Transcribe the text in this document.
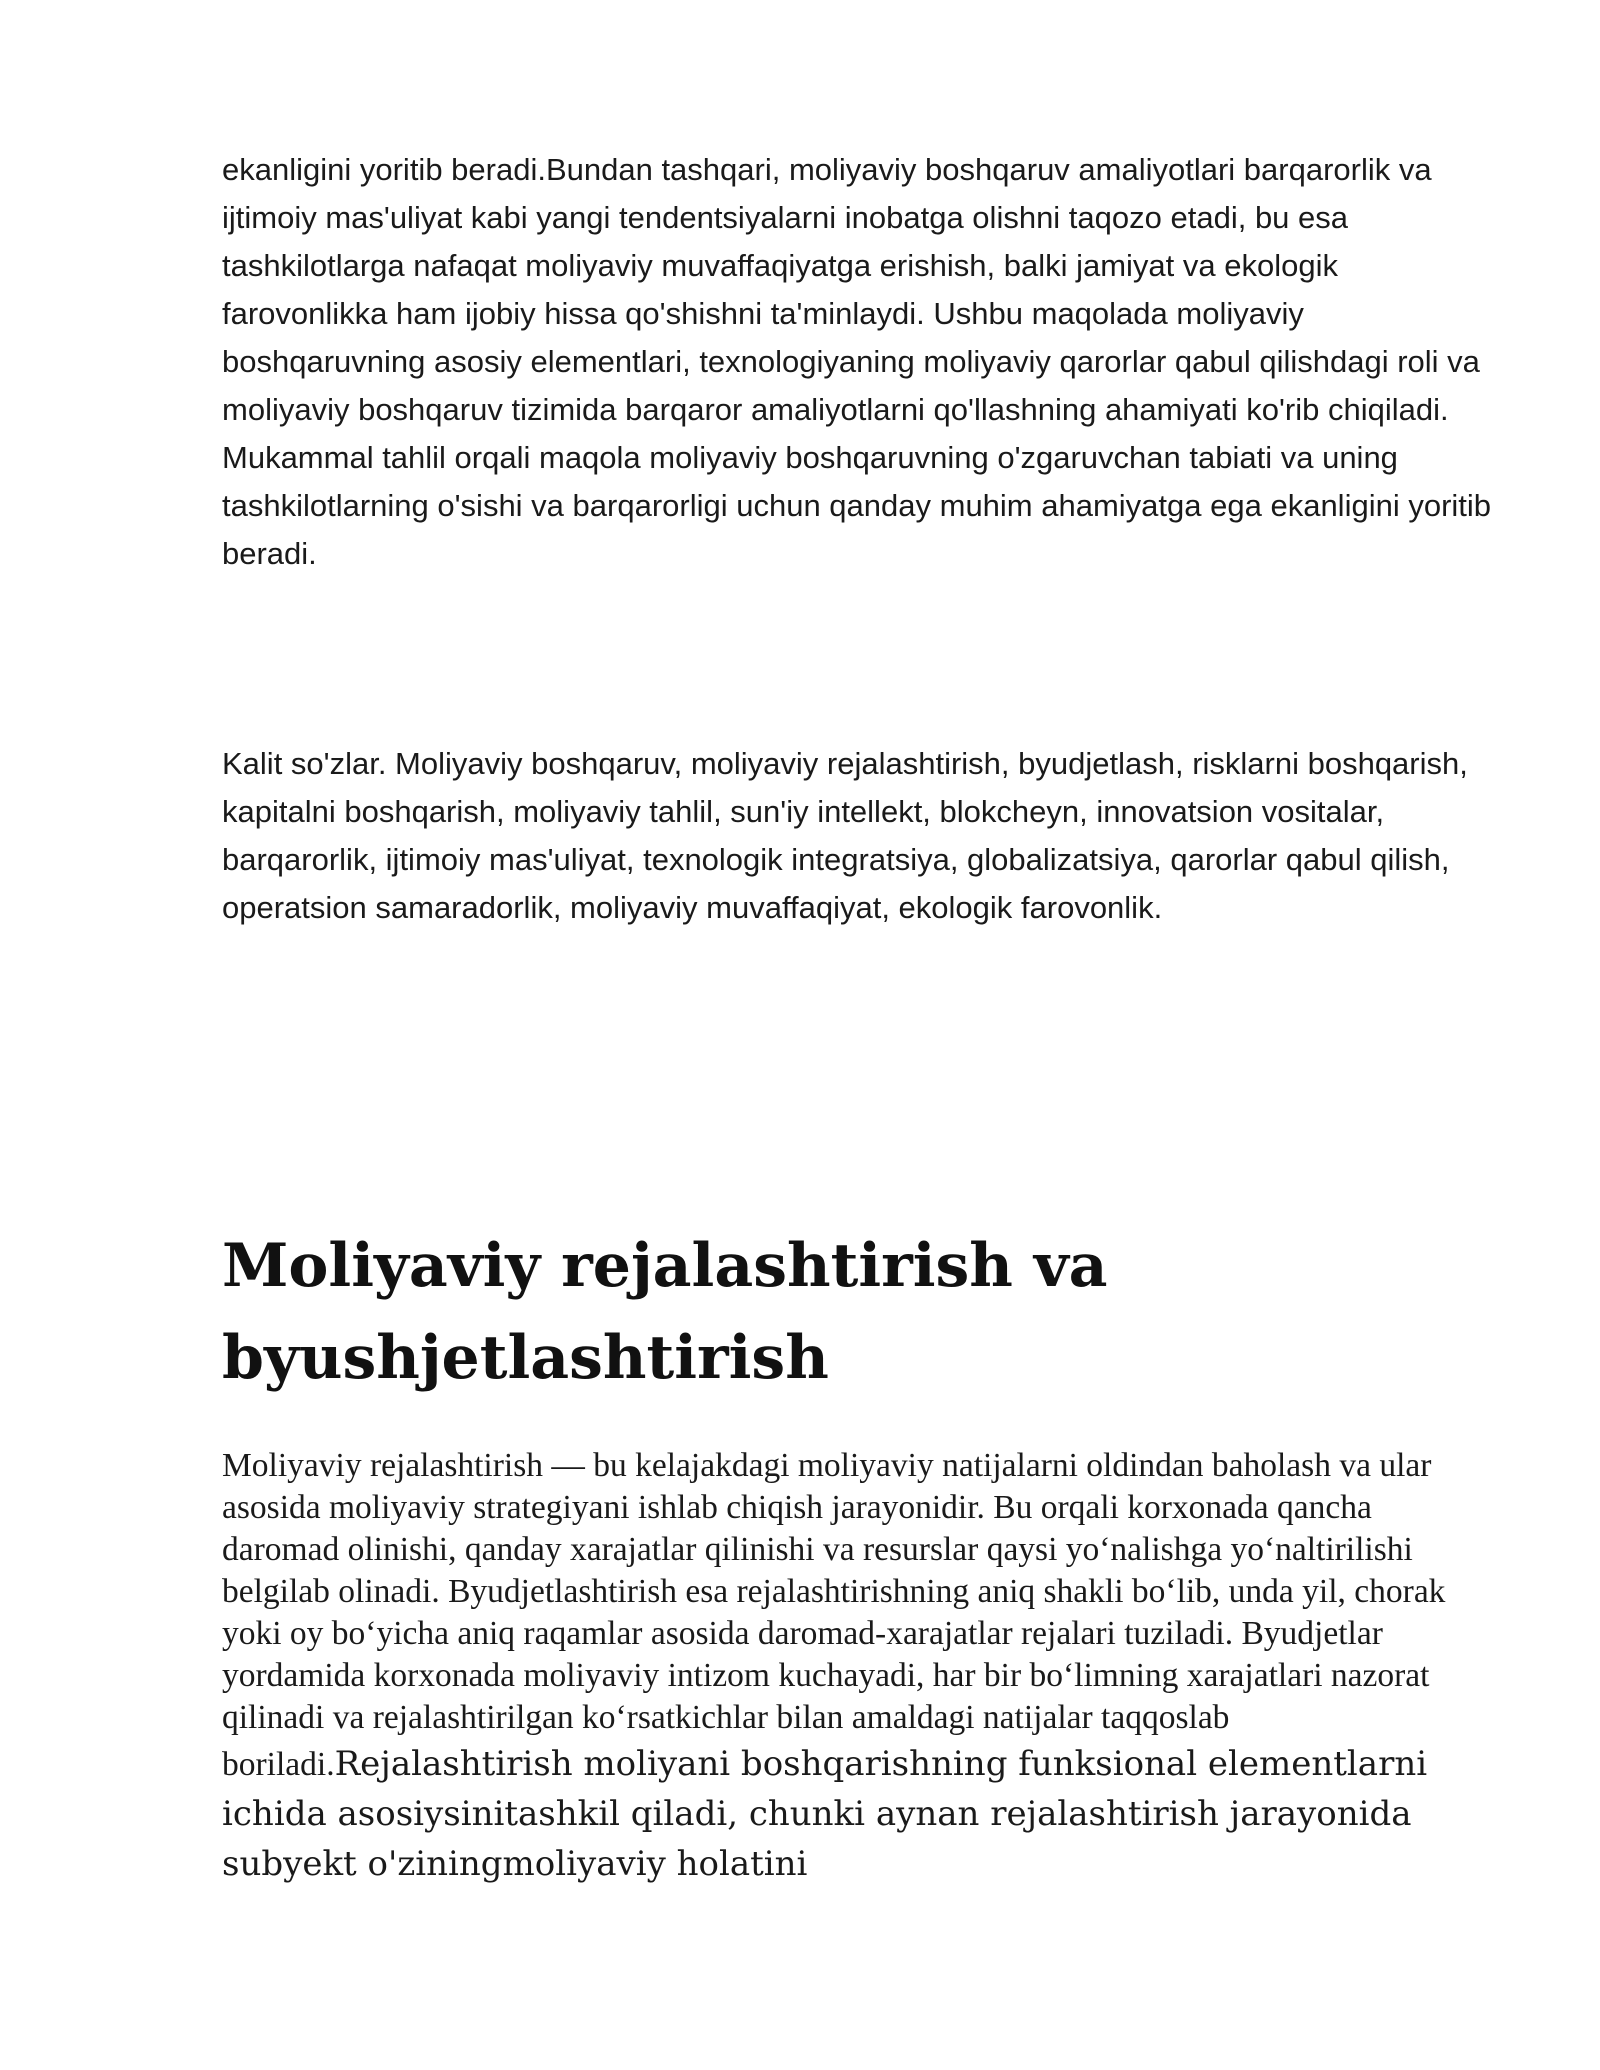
ekanligini yoritib beradi.Bundan tashqari, moliyaviy boshqaruv amaliyotlari barqarorlik va ijtimoiy mas'uliyat kabi yangi tendentsiyalarni inobatga olishni taqozo etadi, bu esa tashkilotlarga nafaqat moliyaviy muvaffaqiyatga erishish, balki jamiyat va ekologik farovonlikka ham ijobiy hissa qo'shishni ta'minlaydi. Ushbu maqolada moliyaviy boshqaruvning asosiy elementlari, texnologiyaning moliyaviy qarorlar qabul qilishdagi roli va moliyaviy boshqaruv tizimida barqaror amaliyotlarni qo'llashning ahamiyati ko'rib chiqiladi. Mukammal tahlil orqali maqola moliyaviy boshqaruvning o'zgaruvchan tabiati va uning tashkilotlarning o'sishi va barqarorligi uchun qanday muhim ahamiyatga ega ekanligini yoritib beradi.

Kalit so'zlar. Moliyaviy boshqaruv, moliyaviy rejalashtirish, byudjetlash, risklarni boshqarish, kapitalni boshqarish, moliyaviy tahlil, sun'iy intellekt, blokcheyn, innovatsion vositalar, barqarorlik, ijtimoiy mas'uliyat, texnologik integratsiya, globalizatsiya, qarorlar qabul qilish, operatsion samaradorlik, moliyaviy muvaffaqiyat, ekologik farovonlik.

Moliyaviy rejalashtirish va
byushjetlashtirish

Moliyaviy rejalashtirish — bu kelajakdagi moliyaviy natijalarni oldindan baholash va ular asosida moliyaviy strategiyani ishlab chiqish jarayonidir. Bu orqali korxonada qancha daromad olinishi, qanday xarajatlar qilinishi va resurslar qaysi yoʻnalishga yoʻnaltirilishi belgilab olinadi. Byudjetlashtirish esa rejalashtirishning aniq shakli boʻlib, unda yil, chorak yoki oy boʻyicha aniq raqamlar asosida daromad-xarajatlar rejalari tuziladi. Byudjetlar yordamida korxonada moliyaviy intizom kuchayadi, har bir boʻlimning xarajatlari nazorat qilinadi va rejalashtirilgan koʻrsatkichlar bilan amaldagi natijalar taqqoslab boriladi.Rejalashtirish moliyani boshqarishning funksional elementlarni ichida asosiysinitashkil qiladi, chunki aynan rejalashtirish jarayonida subyekt o'ziningmoliyaviy holatini
